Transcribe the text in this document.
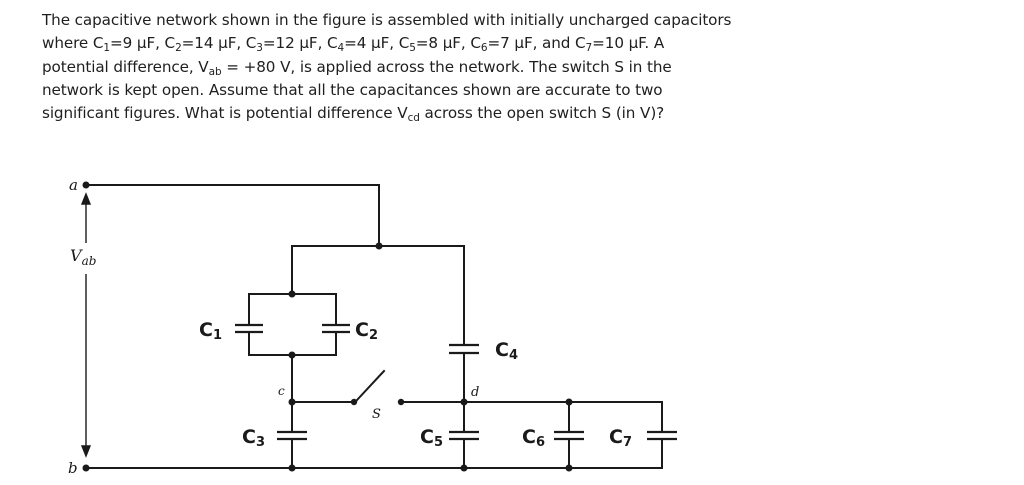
The capacitive network shown in the figure is assembled with initially uncharged capacitors where $C_1=9$ μF, $C_2=14$ μF, $C_3=12$ μF, $C_4=4$ μF, $C_5=8$ μF, $C_6=7$ μF, and $C_7=10$ μF. A potential difference, $V_{ab} = +80$ V, is applied across the network. The switch S in the network is kept open. Assume that all the capacitances shown are accurate to two significant figures. What is potential difference $V_{cd}$ across the open switch S (in V)?
a
b
c	d
S
$V_{ab}$
C1	C2
C3
C4
C5	C6	C7
